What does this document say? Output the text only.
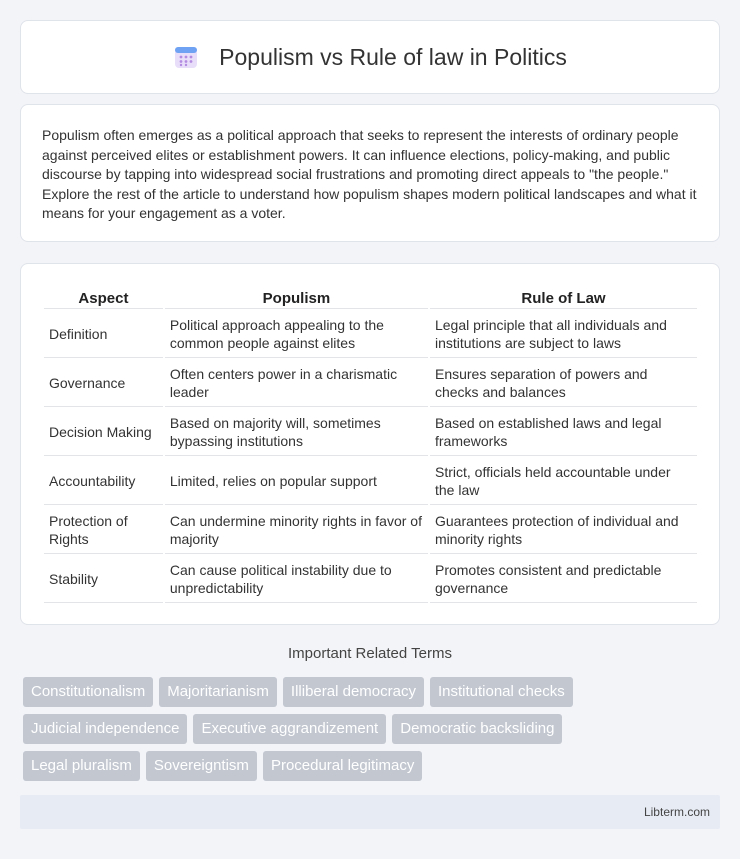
Populism vs Rule of law in Politics

Populism often emerges as a political approach that seeks to represent the interests of ordinary people against perceived elites or establishment powers. It can influence elections, policy-making, and public discourse by tapping into widespread social frustrations and promoting direct appeals to "the people." Explore the rest of the article to understand how populism shapes modern political landscapes and what it means for your engagement as a voter.

Aspect	Populism	Rule of Law
Definition	Political approach appealing to the common people against elites	Legal principle that all individuals and institutions are subject to laws
Governance	Often centers power in a charismatic leader	Ensures separation of powers and checks and balances
Decision Making	Based on majority will, sometimes bypassing institutions	Based on established laws and legal frameworks
Accountability	Limited, relies on popular support	Strict, officials held accountable under the law
Protection of Rights	Can undermine minority rights in favor of majority	Guarantees protection of individual and minority rights
Stability	Can cause political instability due to unpredictability	Promotes consistent and predictable governance
Important Related Terms
Constitutionalism	Majoritarianism	Illiberal democracy	Institutional checks
Judicial independence	Executive aggrandizement	Democratic backsliding
Legal pluralism	Sovereigntism	Procedural legitimacy
Libterm.com
